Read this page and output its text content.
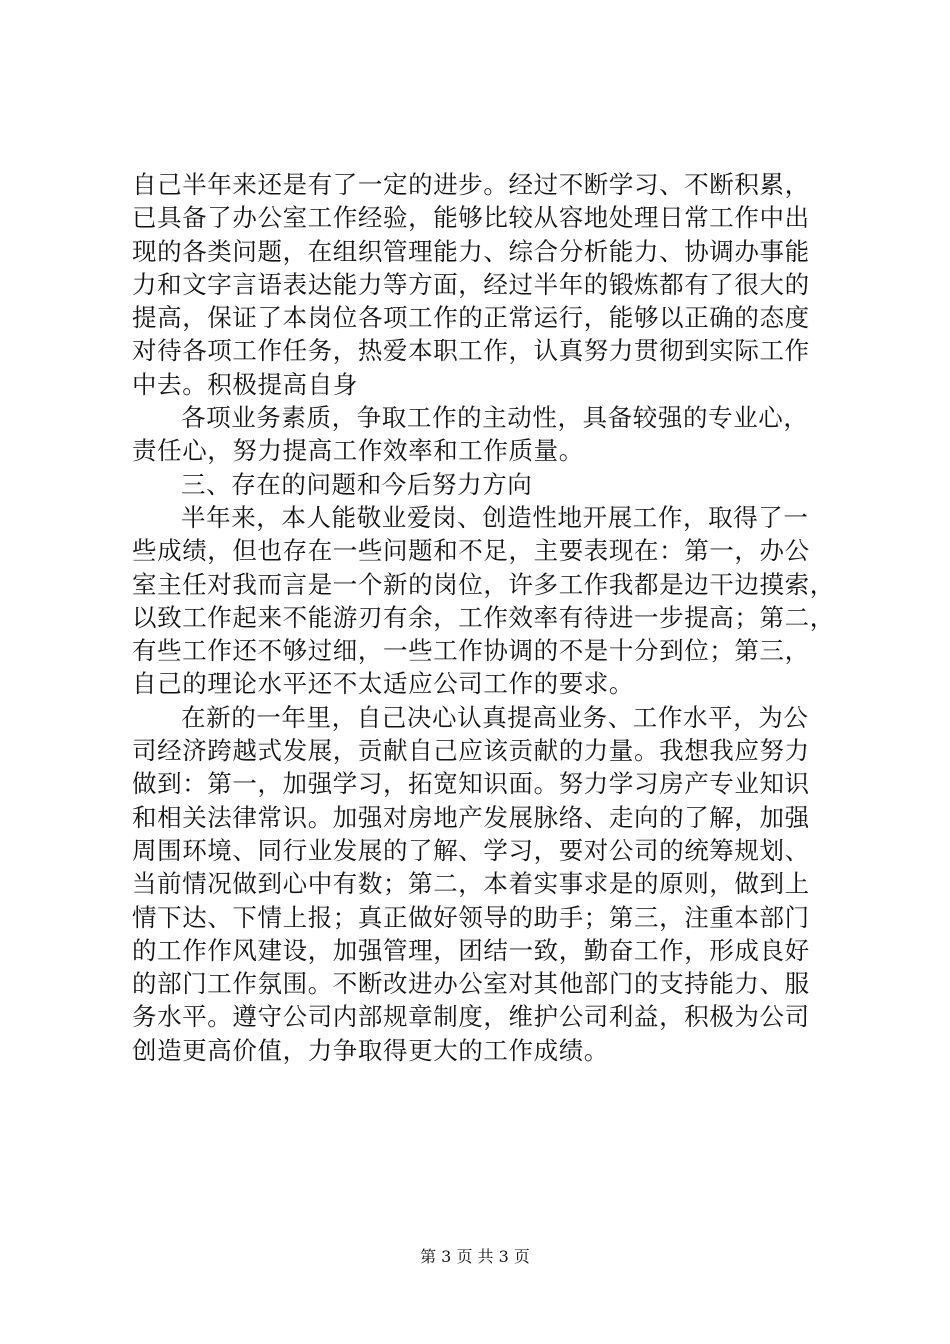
自己半年来还是有了一定的进步。经过不断学习、不断积累，
已具备了办公室工作经验，能够比较从容地处理日常工作中出
现的各类问题，在组织管理能力、综合分析能力、协调办事能
力和文字言语表达能力等方面，经过半年的锻炼都有了很大的
提高，保证了本岗位各项工作的正常运行，能够以正确的态度
对待各项工作任务，热爱本职工作，认真努力贯彻到实际工作
中去。积极提高自身
各项业务素质，争取工作的主动性，具备较强的专业心，
责任心，努力提高工作效率和工作质量。
三、存在的问题和今后努力方向
半年来，本人能敬业爱岗、创造性地开展工作，取得了一
些成绩，但也存在一些问题和不足，主要表现在：第一，办公
室主任对我而言是一个新的岗位，许多工作我都是边干边摸索，
以致工作起来不能游刃有余，工作效率有待进一步提高；第二，
有些工作还不够过细，一些工作协调的不是十分到位；第三，
自己的理论水平还不太适应公司工作的要求。
在新的一年里，自己决心认真提高业务、工作水平，为公
司经济跨越式发展，贡献自己应该贡献的力量。我想我应努力
做到：第一，加强学习，拓宽知识面。努力学习房产专业知识
和相关法律常识。加强对房地产发展脉络、走向的了解，加强
周围环境、同行业发展的了解、学习，要对公司的统筹规划、
当前情况做到心中有数；第二，本着实事求是的原则，做到上
情下达、下情上报；真正做好领导的助手；第三，注重本部门
的工作作风建设，加强管理，团结一致，勤奋工作，形成良好
的部门工作氛围。不断改进办公室对其他部门的支持能力、服
务水平。遵守公司内部规章制度，维护公司利益，积极为公司
创造更高价值，力争取得更大的工作成绩。
第 3 页 共 3 页
